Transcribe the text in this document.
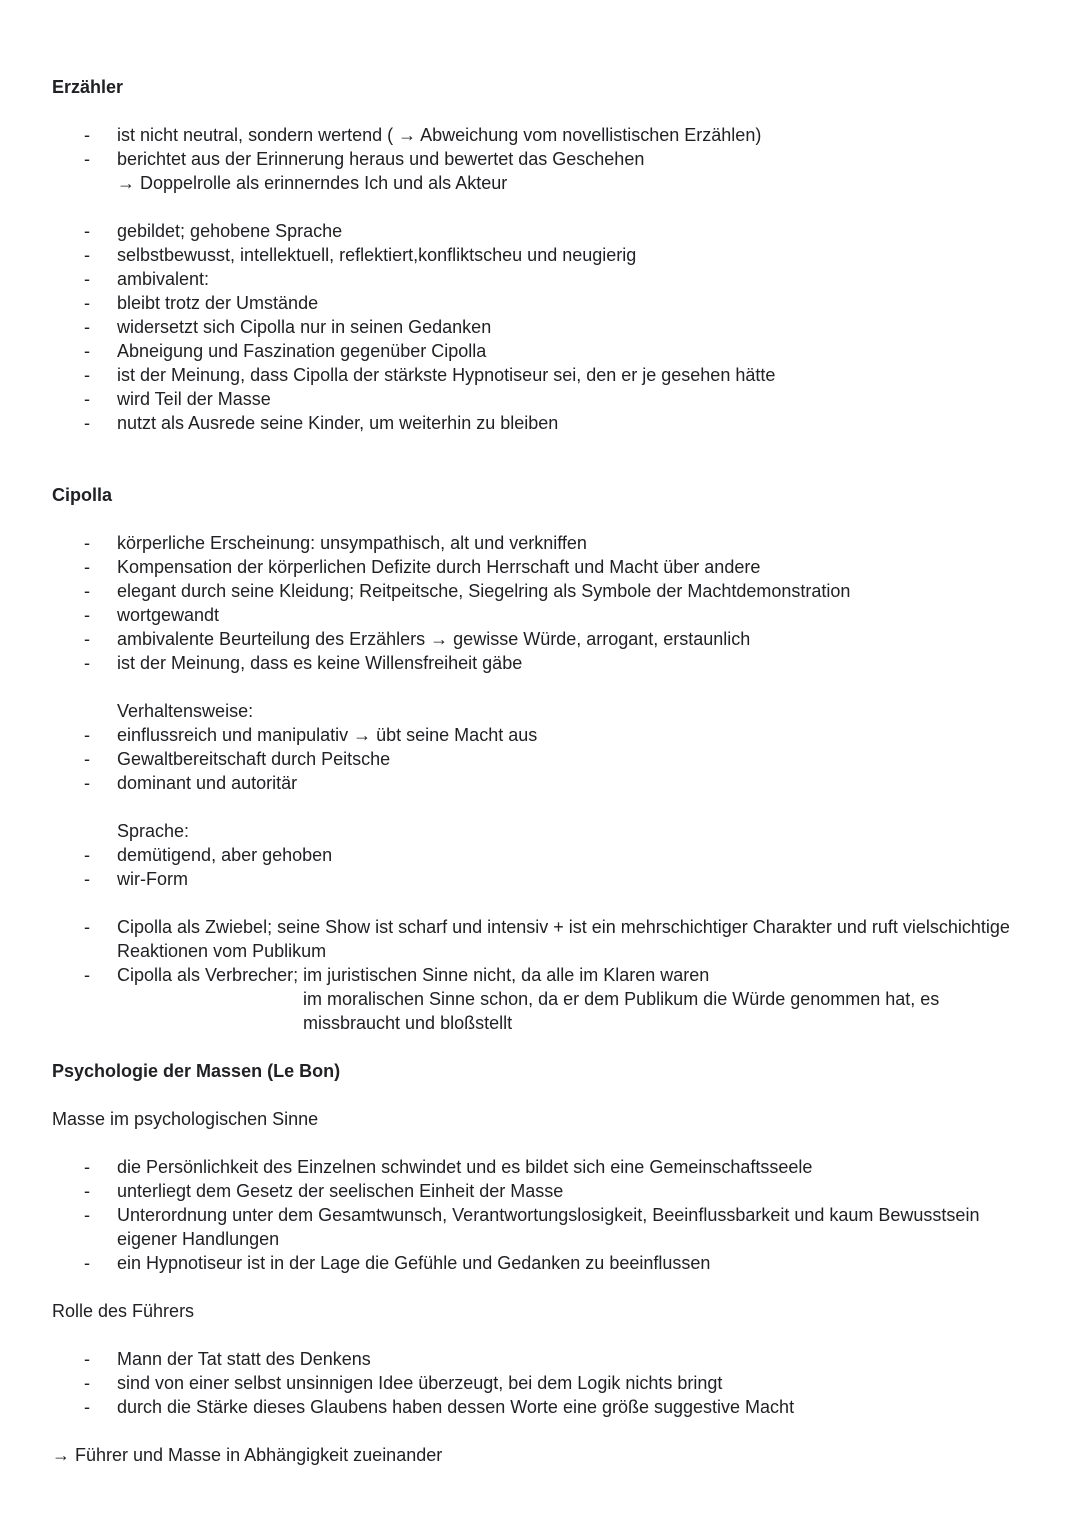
Erzähler
- ist nicht neutral, sondern wertend ( → Abweichung vom novellistischen Erzählen)
- berichtet aus der Erinnerung heraus und bewertet das Geschehen
→ Doppelrolle als erinnerndes Ich und als Akteur
- gebildet; gehobene Sprache
- selbstbewusst, intellektuell, reflektiert,konfliktscheu und neugierig
- ambivalent:
- bleibt trotz der Umstände
- widersetzt sich Cipolla nur in seinen Gedanken
- Abneigung und Faszination gegenüber Cipolla
- ist der Meinung, dass Cipolla der stärkste Hypnotiseur sei, den er je gesehen hätte
- wird Teil der Masse
- nutzt als Ausrede seine Kinder, um weiterhin zu bleiben
Cipolla
- körperliche Erscheinung: unsympathisch, alt und verkniffen
- Kompensation der körperlichen Defizite durch Herrschaft und Macht über andere
- elegant durch seine Kleidung; Reitpeitsche, Siegelring als Symbole der Machtdemonstration
- wortgewandt
- ambivalente Beurteilung des Erzählers → gewisse Würde, arrogant, erstaunlich
- ist der Meinung, dass es keine Willensfreiheit gäbe
Verhaltensweise:
- einflussreich und manipulativ → übt seine Macht aus
- Gewaltbereitschaft durch Peitsche
- dominant und autoritär
Sprache:
- demütigend, aber gehoben
- wir-Form
- Cipolla als Zwiebel; seine Show ist scharf und intensiv + ist ein mehrschichtiger Charakter und ruft vielschichtige
Reaktionen vom Publikum
- Cipolla als Verbrecher; im juristischen Sinne nicht, da alle im Klaren waren
im moralischen Sinne schon, da er dem Publikum die Würde genommen hat, es
missbraucht und bloßstellt
Psychologie der Massen (Le Bon)
Masse im psychologischen Sinne
- die Persönlichkeit des Einzelnen schwindet und es bildet sich eine Gemeinschaftsseele
- unterliegt dem Gesetz der seelischen Einheit der Masse
- Unterordnung unter dem Gesamtwunsch, Verantwortungslosigkeit, Beeinflussbarkeit und kaum Bewusstsein
eigener Handlungen
- ein Hypnotiseur ist in der Lage die Gefühle und Gedanken zu beeinflussen
Rolle des Führers
- Mann der Tat statt des Denkens
- sind von einer selbst unsinnigen Idee überzeugt, bei dem Logik nichts bringt
- durch die Stärke dieses Glaubens haben dessen Worte eine größe suggestive Macht
→ Führer und Masse in Abhängigkeit zueinander
